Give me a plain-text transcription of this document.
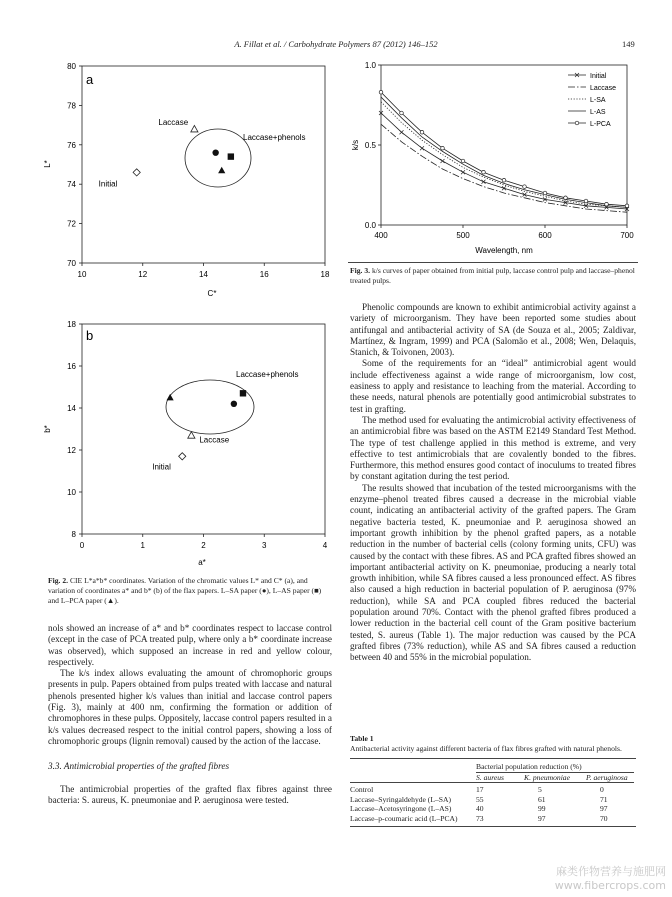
A. Fillat et al. / Carbohydrate Polymers 87 (2012) 146–152	149
10	12	14	16	18
70
72
74
76
78
80
Initial
Laccase
a
Laccase+phenols
C*
L*
0	1	2	3	4
8
10
12
14
16
18
Initial
Laccase
b
Laccase+phenols
a*
b*
Fig. 2. CIE L*a*b* coordinates. Variation of the chromatic values L* and C* (a), and variation of coordinates a* and b* (b) of the flax papers. L–SA paper (●), L–AS paper (■) and L–PCA paper (▲).
400	500	600	700
0.0
0.5
1.0
Initial
Laccase
L-SA
L-AS
L-PCA
Wavelength, nm
k/s
Fig. 3. k/s curves of paper obtained from initial pulp, laccase control pulp and laccase–phenol treated pulps.

nols showed an increase of a* and b* coordinates respect to laccase control (except in the case of PCA treated pulp, where only a b* coordinate increase was observed), which supposed an increase in red and yellow colour, respectively.

The k/s index allows evaluating the amount of chromophoric groups presents in pulp. Papers obtained from pulps treated with laccase and natural phenols presented higher k/s values than initial and laccase control papers (Fig. 3), mainly at 400 nm, confirming the formation or addition of chromophores in these pulps. Oppositely, laccase control papers resulted in a k/s values decreased respect to the initial control papers, showing a loss of chromophoric groups (lignin removal) caused by the action of the laccase.

3.3. Antimicrobial properties of the grafted fibres

The antimicrobial properties of the grafted flax fibres against three bacteria: S. aureus, K. pneumoniae and P. aeruginosa were tested.

Phenolic compounds are known to exhibit antimicrobial activity against a variety of microorganism. They have been reported some studies about antifungal and antibacterial activity of SA (de Souza et al., 2005; Zaldivar, Martínez, & Ingram, 1999) and PCA (Salomão et al., 2008; Wen, Delaquis, Stanich, & Toivonen, 2003).

Some of the requirements for an “ideal” antimicrobial agent would include effectiveness against a wide range of microorganism, low cost, easiness to apply and resistance to leaching from the material. According to these needs, natural phenols are potentially good antimicrobial substrates to test in grafting.

The method used for evaluating the antimicrobial activity effectiveness of an antimicrobial fibre was based on the ASTM E2149 Standard Test Method. The type of test challenge applied in this method is extreme, and very effective to test antimicrobials that are covalently bonded to the fibres. Furthermore, this method ensures good contact of inoculums to treated fibres by constant agitation during the test period.

The results showed that incubation of the tested microorganisms with the enzyme–phenol treated fibres caused a decrease in the microbial viable count, indicating an antibacterial activity of the grafted papers. The Gram negative bacteria tested, K. pneumoniae and P. aeruginosa showed an important growth inhibition by the phenol grafted papers, as a notable reduction in the number of bacterial cells (colony forming units, CFU) was caused by the contact with these fibres. AS and PCA grafted fibres showed an important antibacterial activity on K. pneumoniae, producing a nearly total growth inhibition, while SA fibres caused a less pronounced effect. AS fibres also caused a high reduction in bacterial population of P. aeruginosa (97% reduction), while SA and PCA coupled fibres reduced the bacterial population around 70%. Contact with the phenol grafted fibres produced a lower reduction in the bacterial cell count of the Gram positive bacterium tested, S. aureus (Table 1). The major reduction was caused by the PCA grafted fibres (73% reduction), while AS and SA fibres caused a reduction between 40 and 55% in the microbial population.

Table 1
Antibacterial activity against different bacteria of flax fibres grafted with natural phenols.
	Bacterial population reduction (%)		
	S. aureus	K. pneumoniae	P. aeruginosa

Control	17	5	0
Laccase–Syringaldehyde (L–SA)	55	61	71
Laccase–Acetosyringone (L–AS)	40	99	97
Laccase–p-coumaric acid (L–PCA)	73	97	70
麻类作物营养与施肥网
www.fibercrops.com
